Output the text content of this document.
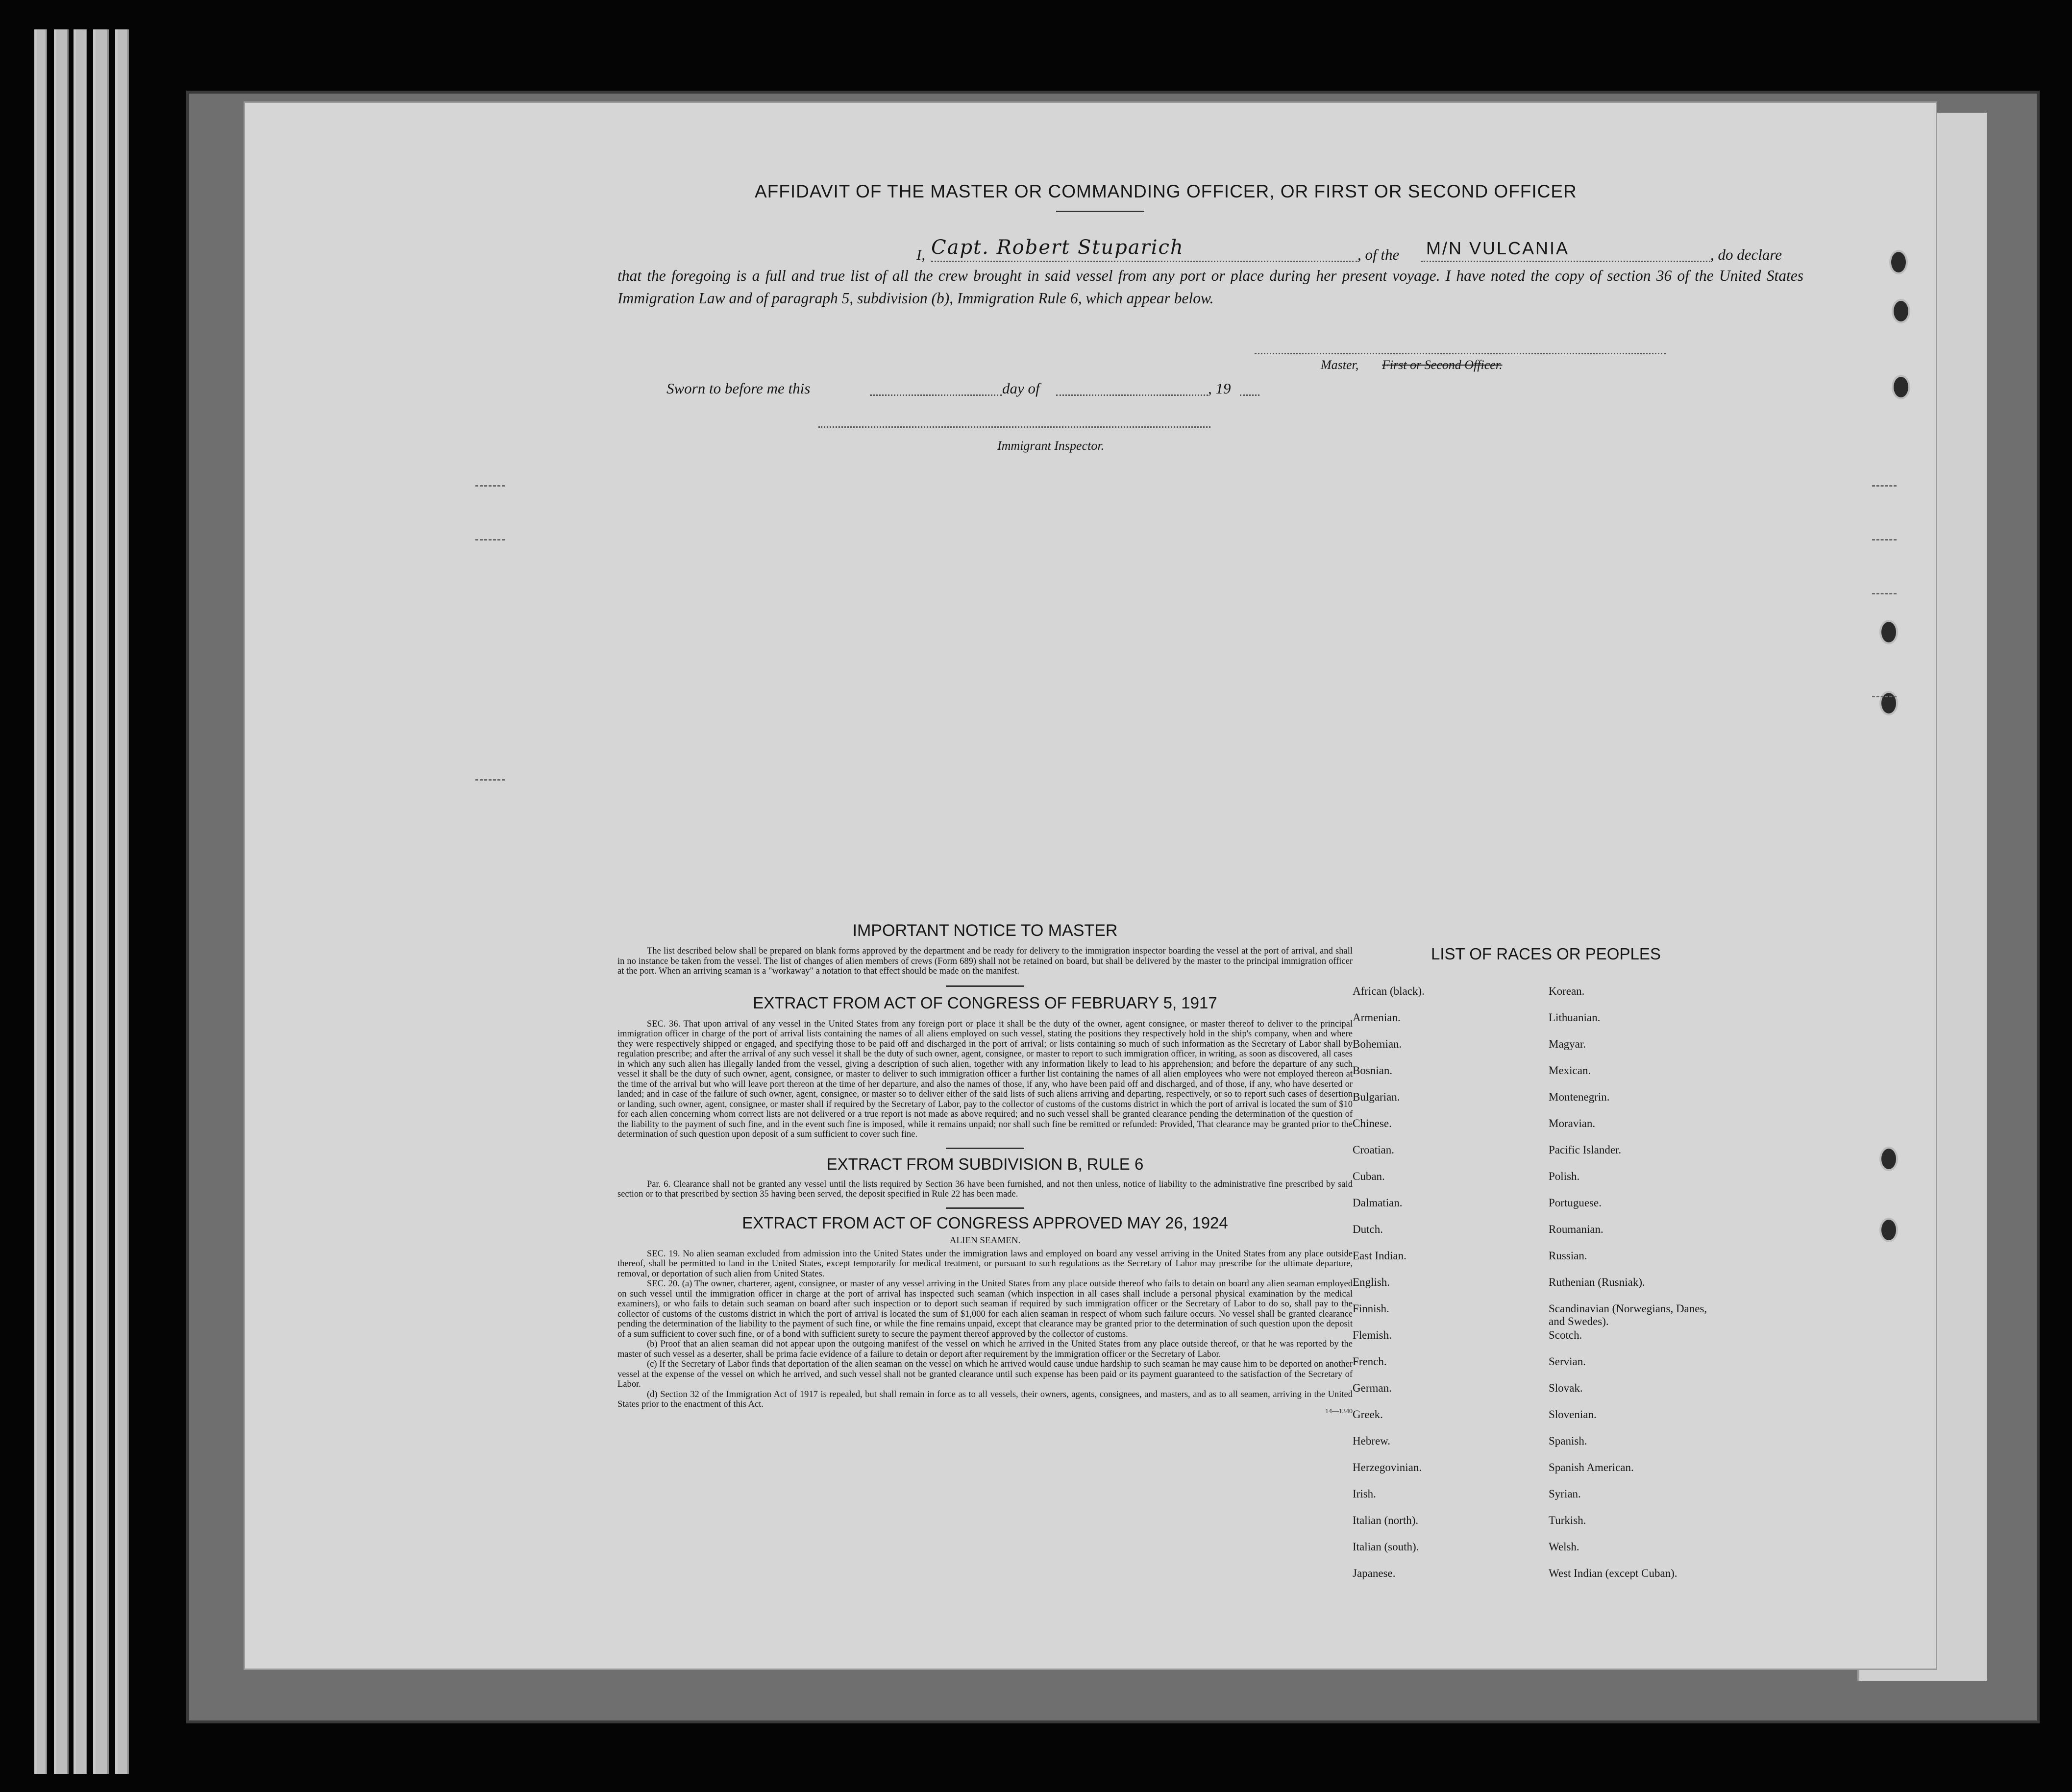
AFFIDAVIT OF THE MASTER OR COMMANDING OFFICER, OR FIRST OR SECOND OFFICER
I, Capt. Robert Stuparich	, of the M/N VULCANIA	, do declare
that the foregoing is a full and true list of all the crew brought in said vessel from any port or place during her present voyage. I have noted the copy of section 36 of the United States Immigration Law and of paragraph 5, subdivision (b), Immigration Rule 6, which appear below.
Master, First or Second Officer.
Sworn to before me this	day of	, 19
Immigrant Inspector.
IMPORTANT NOTICE TO MASTER
The list described below shall be prepared on blank forms approved by the department and be ready for delivery to the immigration inspector boarding the vessel at the port of arrival, and shall in no instance be taken from the vessel. The list of changes of alien members of crews (Form 689) shall not be retained on board, but shall be delivered by the master to the principal immigration officer at the port. When an arriving seaman is a "workaway" a notation to that effect should be made on the manifest.
EXTRACT FROM ACT OF CONGRESS OF FEBRUARY 5, 1917
SEC. 36. That upon arrival of any vessel in the United States from any foreign port or place it shall be the duty of the owner, agent consignee, or master thereof to deliver to the principal immigration officer in charge of the port of arrival lists containing the names of all aliens employed on such vessel, stating the positions they respectively hold in the ship's company, when and where they were respectively shipped or engaged, and specifying those to be paid off and discharged in the port of arrival; or lists containing so much of such information as the Secretary of Labor shall by regulation prescribe; and after the arrival of any such vessel it shall be the duty of such owner, agent, consignee, or master to report to such immigration officer, in writing, as soon as discovered, all cases in which any such alien has illegally landed from the vessel, giving a description of such alien, together with any information likely to lead to his apprehension; and before the departure of any such vessel it shall be the duty of such owner, agent, consignee, or master to deliver to such immigration officer a further list containing the names of all alien employees who were not employed thereon at the time of the arrival but who will leave port thereon at the time of her departure, and also the names of those, if any, who have been paid off and discharged, and of those, if any, who have deserted or landed; and in case of the failure of such owner, agent, consignee, or master so to deliver either of the said lists of such aliens arriving and departing, respectively, or so to report such cases of desertion or landing, such owner, agent, consignee, or master shall if required by the Secretary of Labor, pay to the collector of customs of the customs district in which the port of arrival is located the sum of $10 for each alien concerning whom correct lists are not delivered or a true report is not made as above required; and no such vessel shall be granted clearance pending the determination of the question of the liability to the payment of such fine, and in the event such fine is imposed, while it remains unpaid; nor shall such fine be remitted or refunded: Provided, That clearance may be granted prior to the determination of such question upon deposit of a sum sufficient to cover such fine.
EXTRACT FROM SUBDIVISION B, RULE 6
Par. 6. Clearance shall not be granted any vessel until the lists required by Section 36 have been furnished, and not then unless, notice of liability to the administrative fine prescribed by said section or to that prescribed by section 35 having been served, the deposit specified in Rule 22 has been made.
EXTRACT FROM ACT OF CONGRESS APPROVED MAY 26, 1924
ALIEN SEAMEN.
SEC. 19. No alien seaman excluded from admission into the United States under the immigration laws and employed on board any vessel arriving in the United States from any place outside thereof, shall be permitted to land in the United States, except temporarily for medical treatment, or pursuant to such regulations as the Secretary of Labor may prescribe for the ultimate departure, removal, or deportation of such alien from United States.
SEC. 20. (a) The owner, charterer, agent, consignee, or master of any vessel arriving in the United States from any place outside thereof who fails to detain on board any alien seaman employed on such vessel until the immigration officer in charge at the port of arrival has inspected such seaman (which inspection in all cases shall include a personal physical examination by the medical examiners), or who fails to detain such seaman on board after such inspection or to deport such seaman if required by such immigration officer or the Secretary of Labor to do so, shall pay to the collector of customs of the customs district in which the port of arrival is located the sum of $1,000 for each alien seaman in respect of whom such failure occurs. No vessel shall be granted clearance pending the determination of the liability to the payment of such fine, or while the fine remains unpaid, except that clearance may be granted prior to the determination of such question upon the deposit of a sum sufficient to cover such fine, or of a bond with sufficient surety to secure the payment thereof approved by the collector of customs.
(b) Proof that an alien seaman did not appear upon the outgoing manifest of the vessel on which he arrived in the United States from any place outside thereof, or that he was reported by the master of such vessel as a deserter, shall be prima facie evidence of a failure to detain or deport after requirement by the immigration officer or the Secretary of Labor.
(c) If the Secretary of Labor finds that deportation of the alien seaman on the vessel on which he arrived would cause undue hardship to such seaman he may cause him to be deported on another vessel at the expense of the vessel on which he arrived, and such vessel shall not be granted clearance until such expense has been paid or its payment guaranteed to the satisfaction of the Secretary of Labor.
(d) Section 32 of the Immigration Act of 1917 is repealed, but shall remain in force as to all vessels, their owners, agents, consignees, and masters, and as to all seamen, arriving in the United States prior to the enactment of this Act.
14—1340
LIST OF RACES OR PEOPLES
African (black).	Korean.
Armenian.	Lithuanian.
Bohemian.	Magyar.
Bosnian.	Mexican.
Bulgarian.	Montenegrin.
Chinese.	Moravian.
Croatian.	Pacific Islander.
Cuban.	Polish.
Dalmatian.	Portuguese.
Dutch.	Roumanian.
East Indian.	Russian.
English.	Ruthenian (Rusniak).
Finnish.	Scandinavian (Norwegians, Danes, and Swedes).
Flemish.	Scotch.
French.	Servian.
German.	Slovak.
Greek.	Slovenian.
Hebrew.	Spanish.
Herzegovinian.	Spanish American.
Irish.	Syrian.
Italian (north).	Turkish.
Italian (south).	Welsh.
Japanese.	West Indian (except Cuban).
